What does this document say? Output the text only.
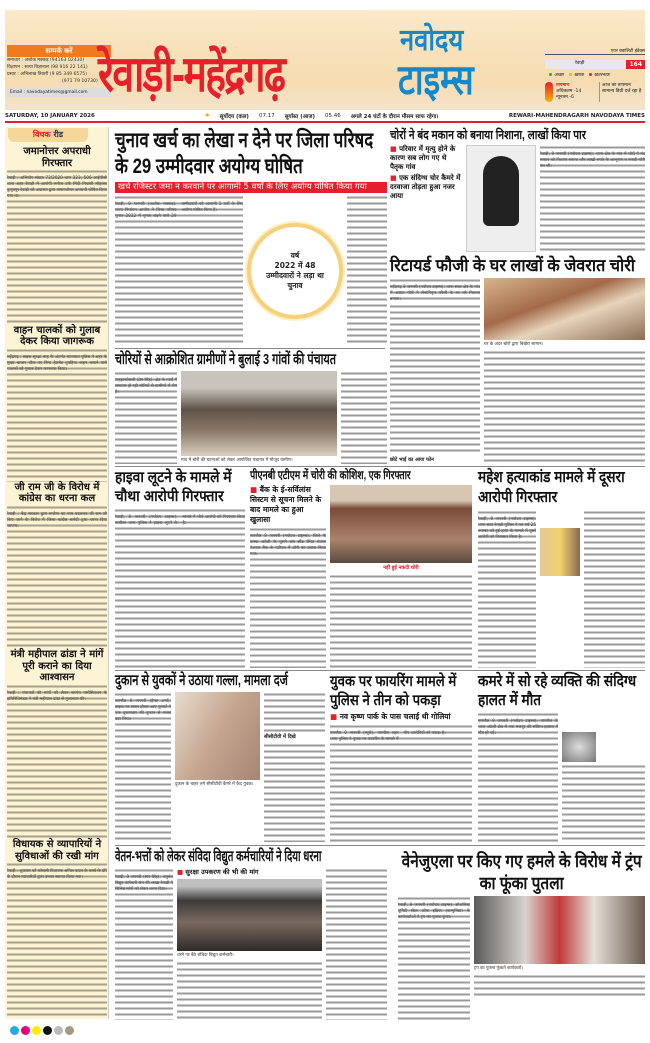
सम्पर्क करें
समाचार : अशोक मक्कड़ (94163 02430)
विज्ञापन : सत्या विज्ञानाल (98 916 22 141)
प्रसार : अभिलाख तिवारी (9 85 349 6575)
(971 79 10730)
Email : navodayatimes@gmail.com रेवाड़ी-महेंद्रगढ़
नवोदय
टाइम्स
एयर क्वालिटी इंडेक्स
रेवाड़ी	164
अच्छा खराब खतरनाक
तापमान
अधिकतम -14
न्यूनतम -6
आज का तापमान सामान्य डिग्री दर्ज रहा है
SATURDAY, 10 JANUARY 2026	✹ सूर्योदय (कल) 07.17 सूर्यास्त (आज) 05.46 अगले 24 घंटों के दौरान मौसम साफ रहेगा।	REWARI-MAHENDRAGARH NAVODAYA TIMES
विचक रीड
जमानोत्तर अपराधी गिरफ्तार
रेवाड़ी : अभियोग संख्या 73/2020 धारा 323, 506 आईपीसी थाना शहर रेवाड़ी में आरोपी मनोज उर्फ मिंदी निवासी मोहल्ला कुतुबपुर रेवाड़ी को अदालत द्वारा जमानतोत्तर अपराधी घोषित किया गया था।
वाहन चालकों को गुलाब देकर किया जागरूक
महेंद्रगढ़ : सड़क सुरक्षा माह के अंतर्गत यातायात पुलिस ने शहर के मुख्य बाजार चौक पर बिना हेलमेट दुपहिया वाहन चलाने वाले चालकों को गुलाब देकर जागरूक किया।
जी राम जी के विरोध में कांग्रेस का धरना कल
रेवाड़ी : केंद्र सरकार द्वारा मनरेगा का नाम बदलकर जी राम जी किए जाने के विरोध में जिला कांग्रेस कमेटी द्वारा धरना दिया जाएगा।
मंत्री महीपाल ढांडा ने मांगें पूरी कराने का दिया आश्वासन
रेवाड़ी : पंचायतों की मांगों को लेकर सरपंच एसोसिएशन के प्रतिनिधिमंडल ने मंत्री महीपाल ढांडा से मुलाकात की।
विधायक से व्यापारियों ने सुविधाओं की रखी मांग
रेवाड़ी : शुक्रवार को कोसली विधायक अनिल यादव के कस्बे के दौरे के दौरान व्यापारियों द्वारा उनका स्वागत किया गया।
चुनाव खर्च का लेखा न देने पर जिला परिषद के 29 उम्मीदवार अयोग्य घोषित
खर्च रजिस्टर जमा न करवाने पर आगामी 5 वर्षों के लिए अयोग्य घोषित किया गया
रेवाड़ी, 9 जनवरी (अशोक मक्कड़): राज्य निर्वाचन आयोग ने जिला परिषद चुनाव 2022 में चुनाव लड़ने वाले 29 उम्मीदवारों को आगामी 5 वर्षों के लिए अयोग्य घोषित किया है।
वर्ष
2022 में 48
उम्मीदवारों ने लड़ा था
चुनाव
चोरों ने बंद मकान को बनाया निशाना, लाखों किया पार
■ परिवार में मृत्यु होने के कारण सब लोग गए थे पैतृक गांव
■ एक संदिग्ध चोर कैमरे में दरवाजा तोड़ता हुआ नजर आया
रेवाड़ी, 9 जनवरी (नवोदय टाइम्स): थाना क्षेत्र के गांव में चोरों ने बंद मकान को निशाना बनाया और लाखों रुपये के आभूषण व नकदी चोरी कर ली।
रिटायर्ड फौजी के घर लाखों के जेवरात चोरी
महेंद्रगढ़ 9 जनवरी (नवोदय टाइम्स): थाना सदर क्षेत्र के गांव में अज्ञात चोरों ने सेवानिवृत्त फौजी के घर को निशाना बनाया।
छोटे भाई का आया फोन
घर के अंदर चोरों द्वारा बिखेरा सामान।
चोरियों से आक्रोशित ग्रामीणों ने बुलाई 3 गांवों की पंचायत
नाहड़/कोसली (प्रेम सिंह): क्षेत्र के गांवों में लगातार हो रही चोरियों से ग्रामीणों में रोष है।
गांव में चोरी की घटनाओं को लेकर आयोजित पंचायत में मौजूद ग्रामीण।
हाइवा लूटने के मामले में चौथा आरोपी गिरफ्तार
रेवाड़ी, 9 जनवरी (नवोदय टाइम्स): कसौला थाना पुलिस ने हाइवा लूटने के मामले में चौथे आरोपी को गिरफ्तार किया है।
पीएनबी एटीएम में चोरी की कोशिश, एक गिरफ्तार
■ बैंक के ई-सर्विलांस सिस्टम से सूचना मिलने के बाद मामले का हुआ खुलासा
नारनौल 9 जनवरी (नवोदय टाइम्स): जिले के कस्बा अटेली के पुराने बस स्टैंड स्थित पंजाब नेशनल बैंक के एटीएम में चोरी का प्रयास किया गया।
नहीं हुई नकदी चोरी
महेश हत्याकांड मामले में दूसरा आरोपी गिरफ्तार
रेवाड़ी, 9 जनवरी (नवोदय टाइम्स): थाना सदर रेवाड़ी पुलिस ने गत वर्ष 25 नवम्बर को हुई हत्या के मामले में दूसरे आरोपी को गिरफ्तार किया है।
दुकान से युवकों ने उठाया गल्ला, मामला दर्ज
नारनौल 9 जनवरी (हेमंत शर्मा): बाइक पर सवार होकर आए युवकों ने एक दुकानदार की दुकान से गल्ला उठा लिया।
दुकान के बाहर लगे सीसीटीवी कैमरे में कैद युवक।
सीसीटीवी में दिखे
युवक पर फायरिंग मामले में पुलिस ने तीन को पकड़ा
■ नव कृष्ण पार्क के पास चलाई थी गोलियां
नारनौल 9 जनवरी (ब्यूरो): नारनौल शहर थाना पुलिस ने युवक पर फायरिंग के मामले में तीन आरोपियों को पकड़ा है।
कमरे में सो रहे व्यक्ति की संदिग्ध हालत में मौत
नारनौल 9 जनवरी (नवोदय टाइम्स): नारनौल के थाना अटेली क्षेत्र में एक मजदूर की संदिग्ध हालात में मौत हो गई।
वेतन-भत्तों को लेकर संविदा विद्युत कर्मचारियों ने दिया धरना
रेवाड़ी, 9 जनवरी (संत सिंह): अनुबंध विद्युत कर्मचारी संघ की शाखा रेवाड़ी ने विभिन्न मांगों को लेकर धरना दिया।
■ सुरक्षा उपकरण की भी की मांग
धरने पर बैठे संविदा विद्युत कर्मचारी।
वेनेजुएला पर किए गए हमले के विरोध में ट्रंप का फूंका पुतला
रेवाड़ी, 9 जनवरी (नवोदय टाइम्स): सोशलिस्ट यूनिटी सेंटर ऑफ इंडिया (कम्युनिस्ट) के कार्यकर्ताओं ने ट्रंप का पुतला फूंका।
ट्रंप का पुतला फूंकते कार्यकर्ता।
